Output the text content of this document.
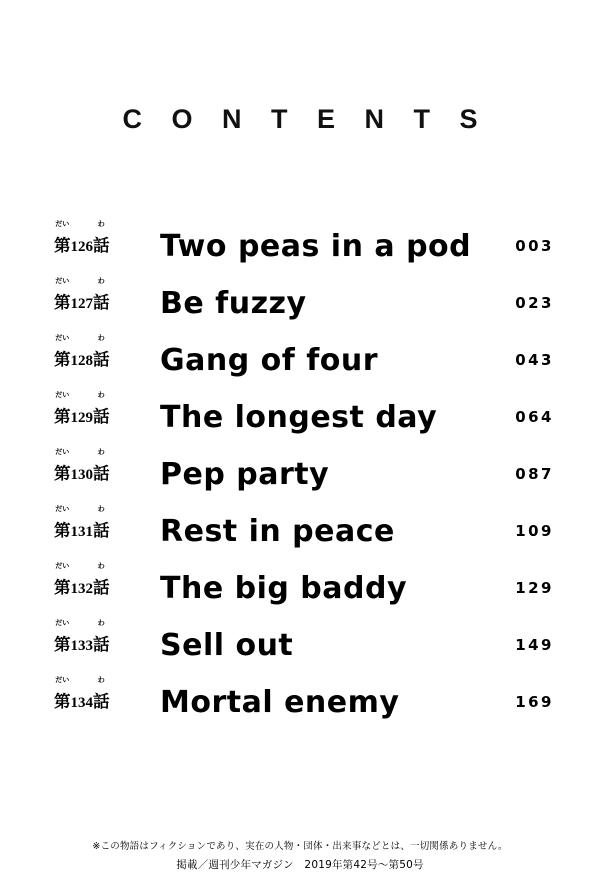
C O N T E N T S
だい
第126
わ
話	Two peas in a pod	003
だい
第127
わ
話	Be fuzzy	023
だい
第128
わ
話	Gang of four	043
だい
第129
わ
話	The longest day	064
だい
第130
わ
話	Pep party	087
だい
第131
わ
話	Rest in peace	109
だい
第132
わ
話	The big baddy	129
だい
第133
わ
話	Sell out	149
だい
第134
わ
話	Mortal enemy	169
※この物語はフィクションであり、実在の人物・団体・出来事などとは、一切関係ありません。
掲載／週刊少年マガジン　2019年第42号〜第50号
